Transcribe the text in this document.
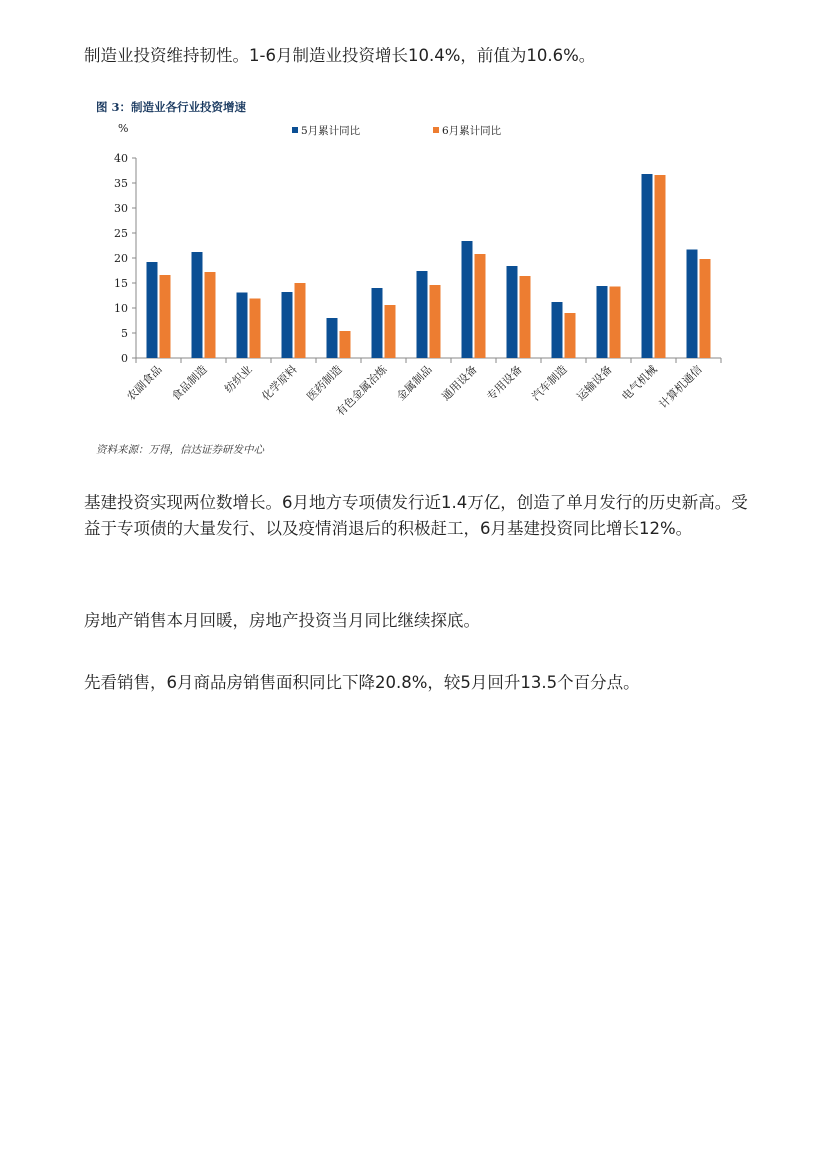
制造业投资维持韧性。1-6月制造业投资增长10.4%，前值为10.6%。

图 3：制造业各行业投资增速
%	5月累计同比	6月累计同比
0
5
10
15
20
25
30
35
40
农副食品 食品制造 纺织业 化学原料 医药制造
有色金属冶炼 金属制品 通用设备 专用设备 汽车制造 运输设备 电气机械
计算机通信
资料来源：万得，信达证券研发中心

基建投资实现两位数增长。6月地方专项债发行近1.4万亿，创造了单月发行的历史新高。受益于专项债的大量发行、以及疫情消退后的积极赶工，6月基建投资同比增长12%。

房地产销售本月回暖，房地产投资当月同比继续探底。

先看销售，6月商品房销售面积同比下降20.8%，较5月回升13.5个百分点。
